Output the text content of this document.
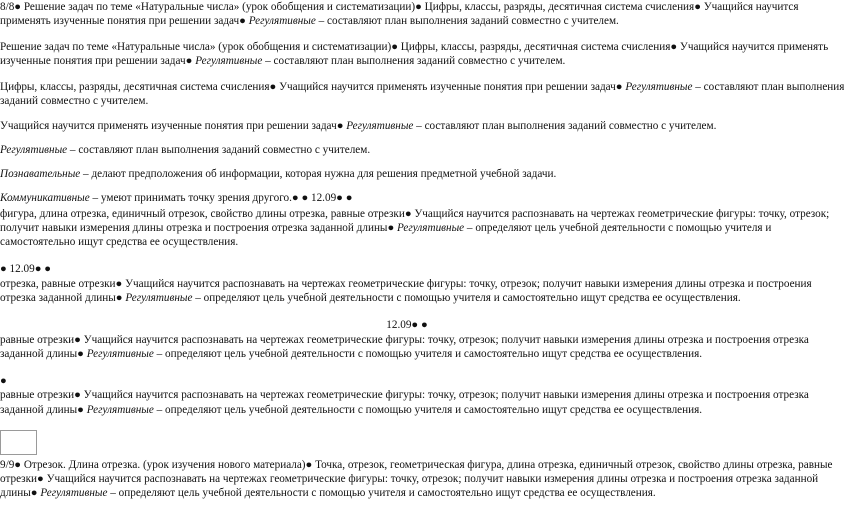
8/8● Решение задач по теме «Натуральные числа» (урок обобщения и систематизации)● Цифры, классы, разряды, десятичная система счисления● Учащийся научится
применять изученные понятия при решении задач● Регулятивные – составляют план выполнения заданий совместно с учителем.
Решение задач по теме «Натуральные числа» (урок обобщения и систематизации)● Цифры, классы, разряды, десятичная система счисления● Учащийся научится применять
изученные понятия при решении задач● Регулятивные – составляют план выполнения заданий совместно с учителем.
Цифры, классы, разряды, десятичная система счисления● Учащийся научится применять изученные понятия при решении задач● Регулятивные – составляют план выполнения
заданий совместно с учителем.
Учащийся научится применять изученные понятия при решении задач● Регулятивные – составляют план выполнения заданий совместно с учителем.
Регулятивные – составляют план выполнения заданий совместно с учителем.
Познавательные – делают предположения об информации, которая нужна для решения предметной учебной задачи.
Коммуникативные – умеют принимать точку зрения другого.● ● 12.09● ●
фигура, длина отрезка, единичный отрезок, свойство длины отрезка, равные отрезки● Учащийся научится распознавать на чертежах геометрические фигуры: точку, отрезок;
получит навыки измерения длины отрезка и построения отрезка заданной длины● Регулятивные – определяют цель учебной деятельности с помощью учителя и
самостоятельно ищут средства ее осуществления.
● 12.09● ●
отрезка, равные отрезки● Учащийся научится распознавать на чертежах геометрические фигуры: точку, отрезок; получит навыки измерения длины отрезка и построения
отрезка заданной длины● Регулятивные – определяют цель учебной деятельности с помощью учителя и самостоятельно ищут средства ее осуществления.
12.09● ●
равные отрезки● Учащийся научится распознавать на чертежах геометрические фигуры: точку, отрезок; получит навыки измерения длины отрезка и построения отрезка
заданной длины● Регулятивные – определяют цель учебной деятельности с помощью учителя и самостоятельно ищут средства ее осуществления.
●
равные отрезки● Учащийся научится распознавать на чертежах геометрические фигуры: точку, отрезок; получит навыки измерения длины отрезка и построения отрезка
заданной длины● Регулятивные – определяют цель учебной деятельности с помощью учителя и самостоятельно ищут средства ее осуществления.
9/9● Отрезок. Длина отрезка. (урок изучения нового материала)● Точка, отрезок, геометрическая фигура, длина отрезка, единичный отрезок, свойство длины отрезка, равные
отрезки● Учащийся научится распознавать на чертежах геометрические фигуры: точку, отрезок; получит навыки измерения длины отрезка и построения отрезка заданной
длины● Регулятивные – определяют цель учебной деятельности с помощью учителя и самостоятельно ищут средства ее осуществления.
